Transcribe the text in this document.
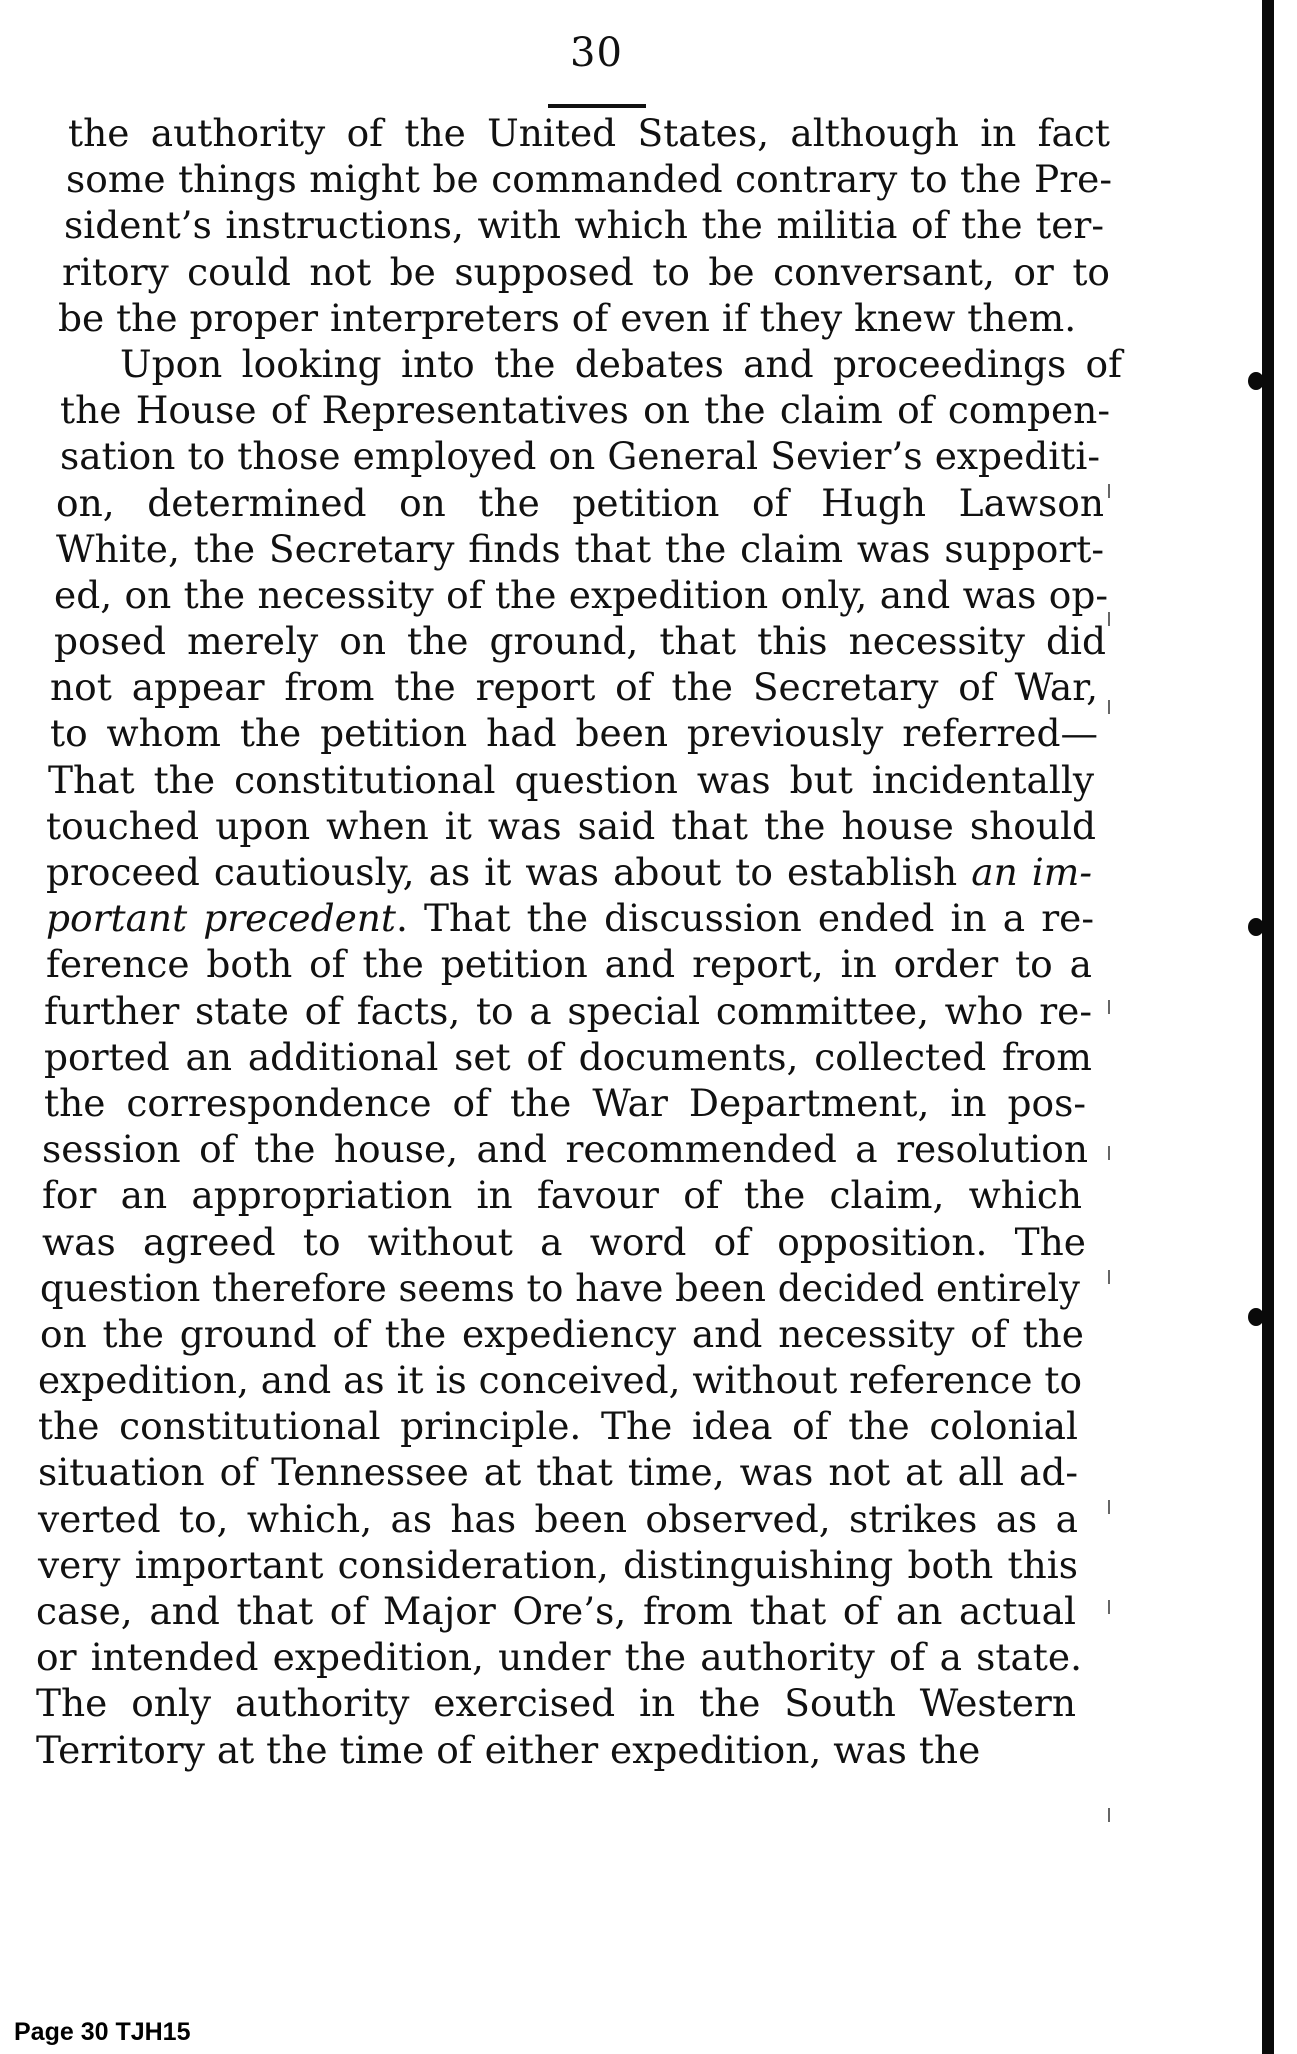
30
the authority of the United States, although in fact
some things might be commanded contrary to the Pre-
sident’s instructions, with which the militia of the ter-
ritory could not be supposed to be conversant, or to
be the proper interpreters of even if they knew them.
Upon looking into the debates and proceedings of
the House of Representatives on the claim of compen-
sation to those employed on General Sevier’s expediti-
on, determined on the petition of Hugh Lawson
White, the Secretary finds that the claim was support-
ed, on the necessity of the expedition only, and was op-
posed merely on the ground, that this necessity did
not appear from the report of the Secretary of War,
to whom the petition had been previously referred—
That the constitutional question was but incidentally
touched upon when it was said that the house should
proceed cautiously, as it was about to establish an im-
portant precedent. That the discussion ended in a re-
ference both of the petition and report, in order to a
further state of facts, to a special committee, who re-
ported an additional set of documents, collected from
the correspondence of the War Department, in pos-
session of the house, and recommended a resolution
for an appropriation in favour of the claim, which
was agreed to without a word of opposition. The
question therefore seems to have been decided entirely
on the ground of the expediency and necessity of the
expedition, and as it is conceived, without reference to
the constitutional principle. The idea of the colonial
situation of Tennessee at that time, was not at all ad-
verted to, which, as has been observed, strikes as a
very important consideration, distinguishing both this
case, and that of Major Ore’s, from that of an actual
or intended expedition, under the authority of a state.
The only authority exercised in the South Western
Territory at the time of either expedition, was the
Page 30 TJH15
